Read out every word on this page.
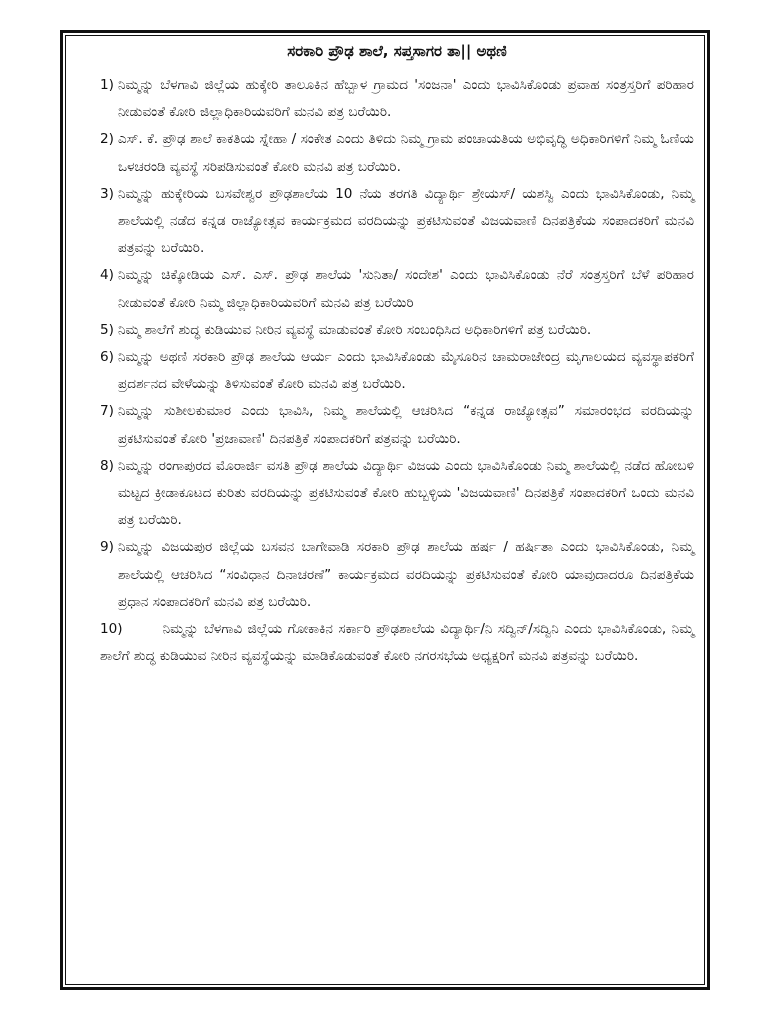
ಸರಕಾರಿ ಪ್ರೌಢ ಶಾಲೆ, ಸಪ್ತಸಾಗರ ತಾ|| ಅಥಣಿ
1) ನಿಮ್ಮನ್ನು ಬೆಳಗಾವಿ ಜಿಲ್ಲೆಯ ಹುಕ್ಕೇರಿ ತಾಲೂಕಿನ ಹೆಬ್ಬಾಳ ಗ್ರಾಮದ 'ಸಂಜನಾ' ಎಂದು ಭಾವಿಸಿಕೊಂಡು ಪ್ರವಾಹ ಸಂತ್ರಸ್ತರಿಗೆ ಪರಿಹಾರ ನೀಡುವಂತೆ ಕೋರಿ ಜಿಲ್ಲಾಧಿಕಾರಿಯವರಿಗೆ ಮನವಿ ಪತ್ರ ಬರೆಯಿರಿ.
2) ಎಸ್. ಕೆ. ಪ್ರೌಢ ಶಾಲೆ ಕಾಕತಿಯ ಸ್ನೇಹಾ / ಸಂಕೇತ ಎಂದು ತಿಳಿದು ನಿಮ್ಮ ಗ್ರಾಮ ಪಂಚಾಯತಿಯ ಅಭಿವೃದ್ಧಿ ಅಧಿಕಾರಿಗಳಿಗೆ ನಿಮ್ಮ ಓಣಿಯ ಒಳಚರಂಡಿ ವ್ಯವಸ್ಥೆ ಸರಿಪಡಿಸುವಂತೆ ಕೋರಿ ಮನವಿ ಪತ್ರ ಬರೆಯಿರಿ.
3) ನಿಮ್ಮನ್ನು ಹುಕ್ಕೇರಿಯ ಬಸವೇಶ್ವರ ಪ್ರೌಢಶಾಲೆಯ 10 ನೆಯ ತರಗತಿ ವಿದ್ಯಾರ್ಥಿ ಶ್ರೇಯಸ್/ ಯಶಸ್ವಿ ಎಂದು ಭಾವಿಸಿಕೊಂಡು, ನಿಮ್ಮ ಶಾಲೆಯಲ್ಲಿ ನಡೆದ ಕನ್ನಡ ರಾಜ್ಯೋತ್ಸವ ಕಾರ್ಯಕ್ರಮದ ವರದಿಯನ್ನು ಪ್ರಕಟಿಸುವಂತೆ ವಿಜಯವಾಣಿ ದಿನಪತ್ರಿಕೆಯ ಸಂಪಾದಕರಿಗೆ ಮನವಿ ಪತ್ರವನ್ನು ಬರೆಯಿರಿ.
4) ನಿಮ್ಮನ್ನು ಚಿಕ್ಕೋಡಿಯ ಎಸ್. ಎಸ್. ಪ್ರೌಢ ಶಾಲೆಯ 'ಸುನಿತಾ/ ಸಂದೇಶ' ಎಂದು ಭಾವಿಸಿಕೊಂಡು ನೆರೆ ಸಂತ್ರಸ್ತರಿಗೆ ಬೆಳೆ ಪರಿಹಾರ ನೀಡುವಂತೆ ಕೋರಿ ನಿಮ್ಮ ಜಿಲ್ಲಾಧಿಕಾರಿಯವರಿಗೆ ಮನವಿ ಪತ್ರ ಬರೆಯಿರಿ
5) ನಿಮ್ಮ ಶಾಲೆಗೆ ಶುದ್ಧ ಕುಡಿಯುವ ನೀರಿನ ವ್ಯವಸ್ಥೆ ಮಾಡುವಂತೆ ಕೋರಿ ಸಂಬಂಧಿಸಿದ ಅಧಿಕಾರಿಗಳಿಗೆ ಪತ್ರ ಬರೆಯಿರಿ.
6) ನಿಮ್ಮನ್ನು ಅಥಣಿ ಸರಕಾರಿ ಪ್ರೌಢ ಶಾಲೆಯ ಆರ್ಯ ಎಂದು ಭಾವಿಸಿಕೊಂಡು ಮೈಸೂರಿನ ಚಾಮರಾಜೇಂದ್ರ ಮೃಗಾಲಯದ ವ್ಯವಸ್ಥಾಪಕರಿಗೆ ಪ್ರದರ್ಶನದ ವೇಳೆಯನ್ನು ತಿಳಿಸುವಂತೆ ಕೋರಿ ಮನವಿ ಪತ್ರ ಬರೆಯಿರಿ.
7) ನಿಮ್ಮನ್ನು ಸುಶೀಲಕುಮಾರ ಎಂದು ಭಾವಿಸಿ, ನಿಮ್ಮ ಶಾಲೆಯಲ್ಲಿ ಆಚರಿಸಿದ “ಕನ್ನಡ ರಾಜ್ಯೋತ್ಸವ” ಸಮಾರಂಭದ ವರದಿಯನ್ನು ಪ್ರಕಟಿಸುವಂತೆ ಕೋರಿ 'ಪ್ರಜಾವಾಣಿ' ದಿನಪತ್ರಿಕೆ ಸಂಪಾದಕರಿಗೆ ಪತ್ರವನ್ನು ಬರೆಯಿರಿ.
8) ನಿಮ್ಮನ್ನು ರಂಗಾಪುರದ ಮೊರಾರ್ಜಿ ವಸತಿ ಪ್ರೌಢ ಶಾಲೆಯ ವಿದ್ಯಾರ್ಥಿ ವಿಜಯ ಎಂದು ಭಾವಿಸಿಕೊಂಡು ನಿಮ್ಮ ಶಾಲೆಯಲ್ಲಿ ನಡೆದ ಹೋಬಳಿ ಮಟ್ಟದ ಕ್ರೀಡಾಕೂಟದ ಕುರಿತು ವರದಿಯನ್ನು ಪ್ರಕಟಿಸುವಂತೆ ಕೋರಿ ಹುಬ್ಬಳ್ಳಿಯ 'ವಿಜಯವಾಣಿ' ದಿನಪತ್ರಿಕೆ ಸಂಪಾದಕರಿಗೆ ಒಂದು ಮನವಿ ಪತ್ರ ಬರೆಯಿರಿ.
9) ನಿಮ್ಮನ್ನು ವಿಜಯಪುರ ಜಿಲ್ಲೆಯ ಬಸವನ ಬಾಗೇವಾಡಿ ಸರಕಾರಿ ಪ್ರೌಢ ಶಾಲೆಯ ಹರ್ಷ / ಹರ್ಷಿತಾ ಎಂದು ಭಾವಿಸಿಕೊಂಡು, ನಿಮ್ಮ ಶಾಲೆಯಲ್ಲಿ ಆಚರಿಸಿದ “ಸಂವಿಧಾನ ದಿನಾಚರಣೆ” ಕಾರ್ಯಕ್ರಮದ ವರದಿಯನ್ನು ಪ್ರಕಟಿಸುವಂತೆ ಕೋರಿ ಯಾವುದಾದರೂ ದಿನಪತ್ರಿಕೆಯ ಪ್ರಧಾನ ಸಂಪಾದಕರಿಗೆ ಮನವಿ ಪತ್ರ ಬರೆಯಿರಿ.
10)	ನಿಮ್ಮನ್ನು ಬೆಳಗಾವಿ ಜಿಲ್ಲೆಯ ಗೋಕಾಕಿನ ಸರ್ಕಾರಿ ಪ್ರೌಢಶಾಲೆಯ ವಿದ್ಯಾರ್ಥಿ/ನಿ ಸದ್ವಿನ್/ಸದ್ವಿನಿ ಎಂದು ಭಾವಿಸಿಕೊಂಡು, ನಿಮ್ಮ ಶಾಲೆಗೆ ಶುದ್ಧ ಕುಡಿಯುವ ನೀರಿನ ವ್ಯವಸ್ಥೆಯನ್ನು ಮಾಡಿಕೊಡುವಂತೆ ಕೋರಿ ನಗರಸಭೆಯ ಅಧ್ಯಕ್ಷರಿಗೆ ಮನವಿ ಪತ್ರವನ್ನು ಬರೆಯಿರಿ.
